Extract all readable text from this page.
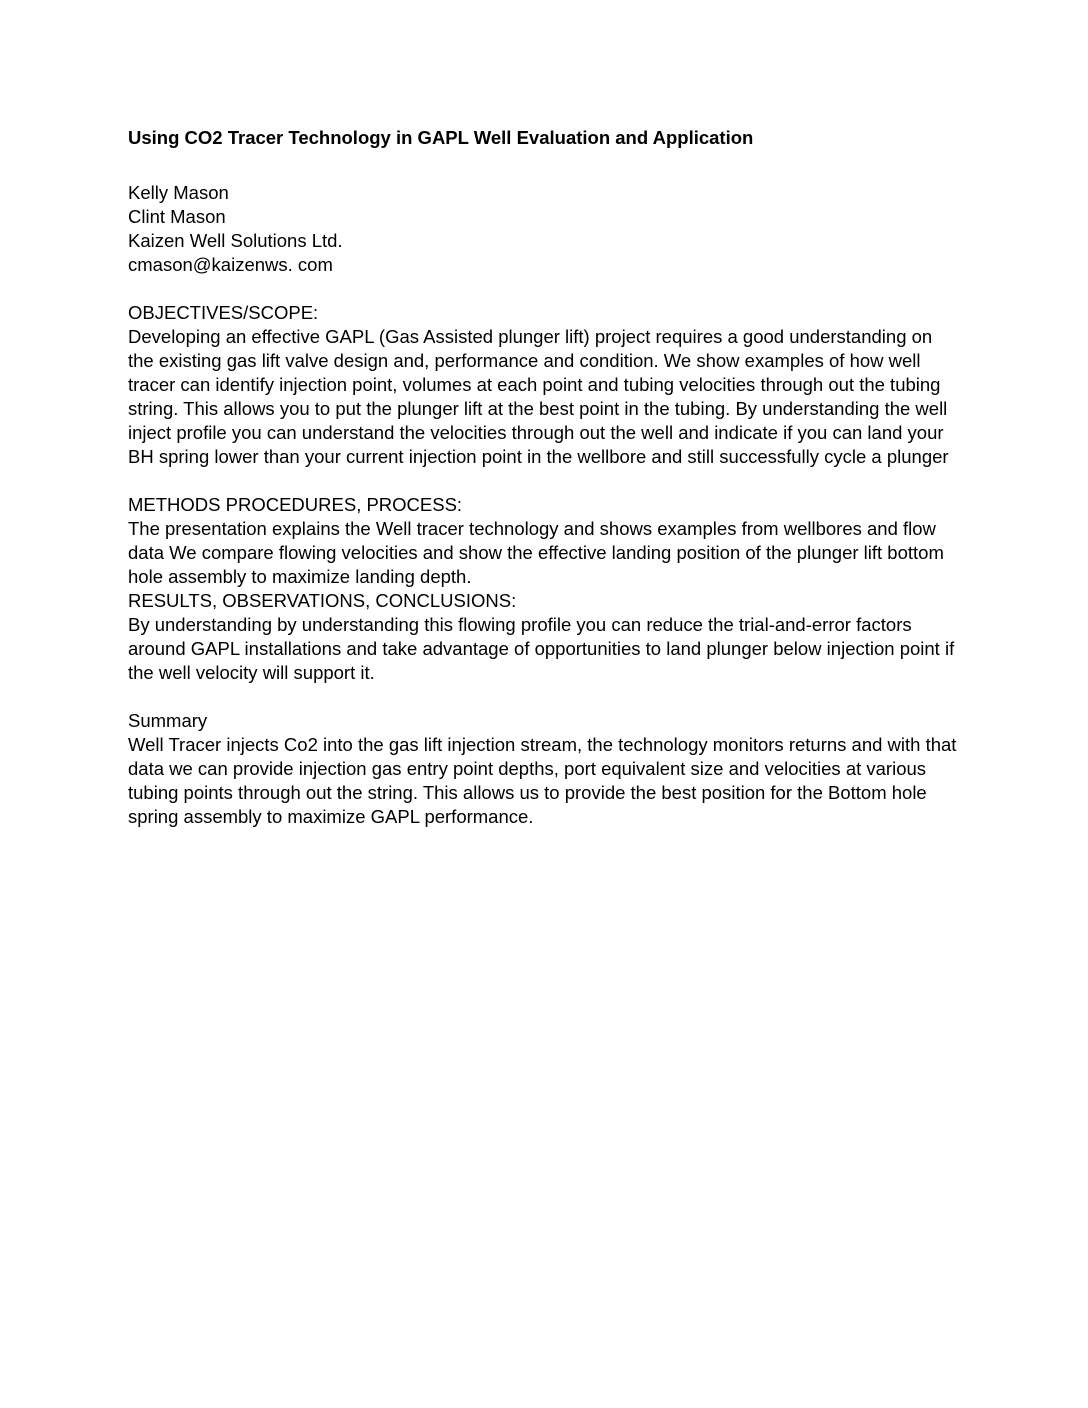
Using CO2 Tracer Technology in GAPL Well Evaluation and Application

Kelly Mason

Clint Mason

Kaizen Well Solutions Ltd.

cmason@kaizenws. com

OBJECTIVES/SCOPE:

Developing an effective GAPL (Gas Assisted plunger lift) project requires a good understanding on the existing gas lift valve design and, performance and condition. We show examples of how well tracer can identify injection point, volumes at each point and tubing velocities through out the tubing string. This allows you to put the plunger lift at the best point in the tubing. By understanding the well inject profile you can understand the velocities through out the well and indicate if you can land your BH spring lower than your current injection point in the wellbore and still successfully cycle a plunger

METHODS PROCEDURES, PROCESS:

The presentation explains the Well tracer technology and shows examples from wellbores and flow data We compare flowing velocities and show the effective landing position of the plunger lift bottom hole assembly to maximize landing depth.

RESULTS, OBSERVATIONS, CONCLUSIONS:

By understanding by understanding this flowing profile you can reduce the trial-and-error factors around GAPL installations and take advantage of opportunities to land plunger below injection point if the well velocity will support it.

Summary

Well Tracer injects Co2 into the gas lift injection stream, the technology monitors returns and with that data we can provide injection gas entry point depths, port equivalent size and velocities at various tubing points through out the string. This allows us to provide the best position for the Bottom hole spring assembly to maximize GAPL performance.
